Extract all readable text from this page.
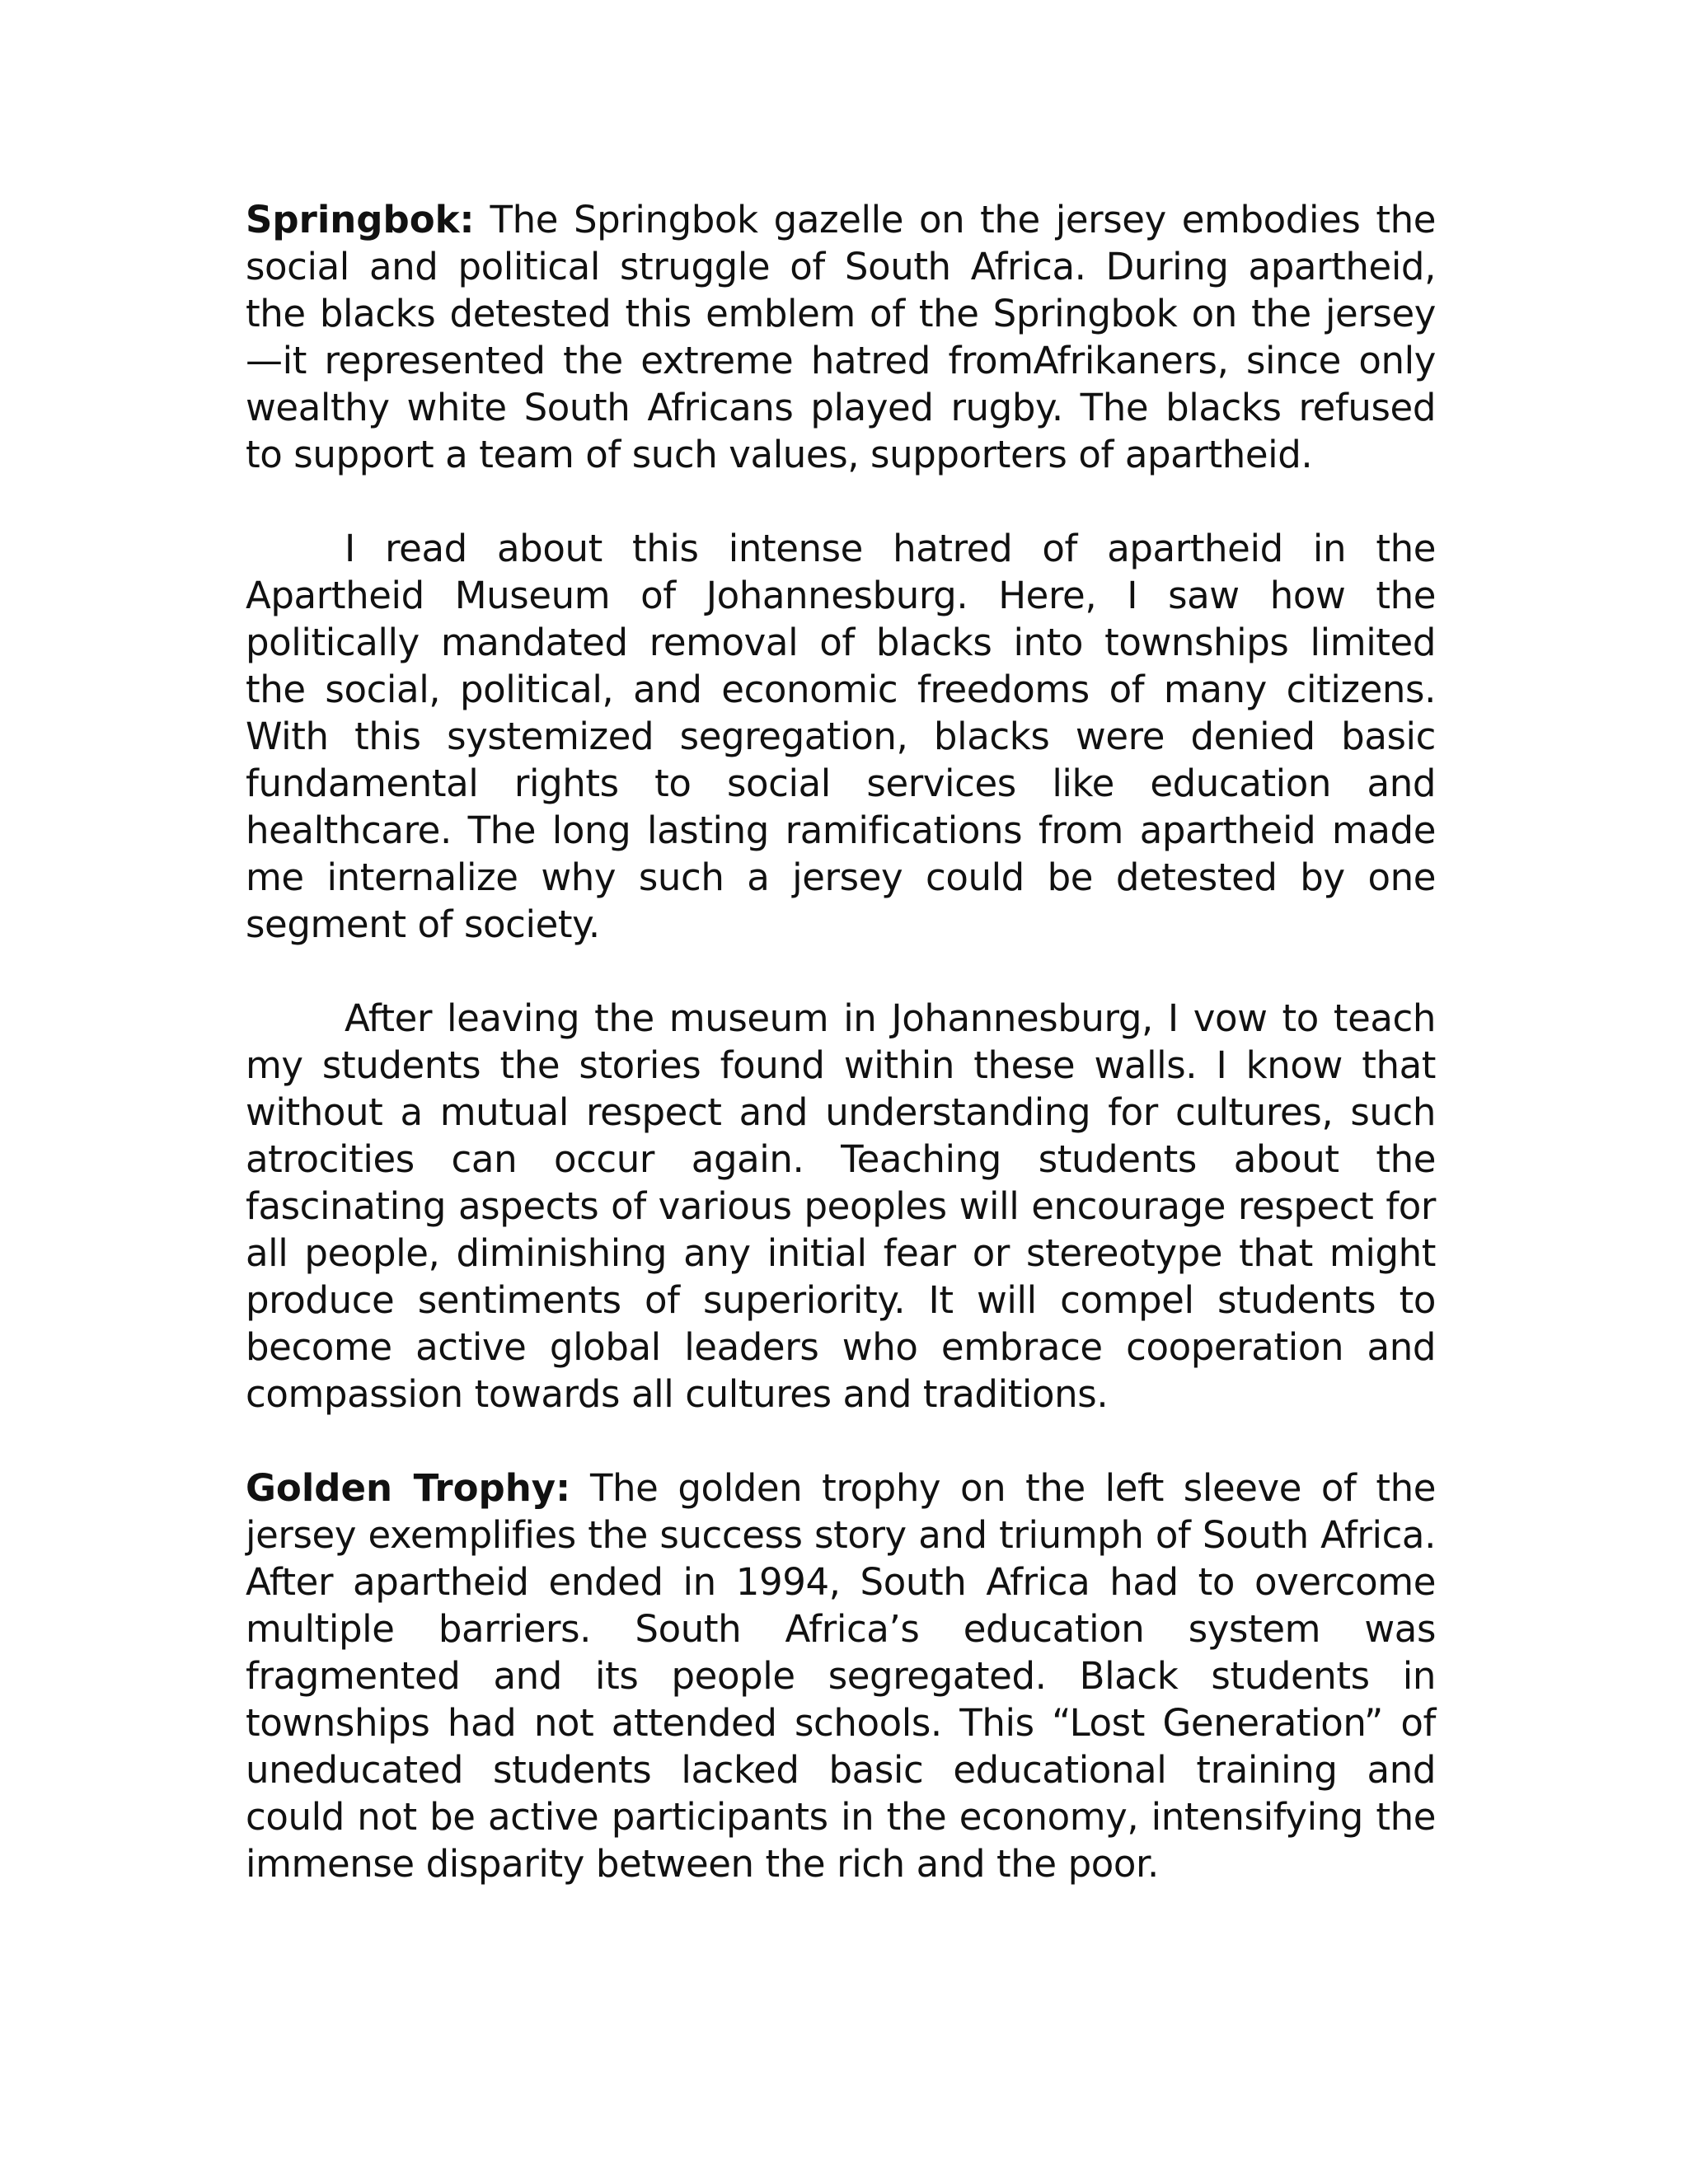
Springbok: The Springbok gazelle on the jersey embodies the social and political struggle of South Africa. During apartheid, the blacks detested this emblem of the Springbok on the jersey—it represented the extreme hatred fromAfrikaners, since only wealthy white South Africans played rugby. The blacks refused to support a team of such values, supporters of apartheid.

I read about this intense hatred of apartheid in the Apartheid Museum of Johannesburg. Here, I saw how the politically mandated removal of blacks into townships limited the social, political, and economic freedoms of many citizens. With this systemized segregation, blacks were denied basic fundamental rights to social services like education and healthcare. The long lasting ramifications from apartheid made me internalize why such a jersey could be detested by one segment of society.

After leaving the museum in Johannesburg, I vow to teach my students the stories found within these walls. I know that without a mutual respect and understanding for cultures, such atrocities can occur again. Teaching students about the fascinating aspects of various peoples will encourage respect for all people, diminishing any initial fear or stereotype that might produce sentiments of superiority. It will compel students to become active global leaders who embrace cooperation and compassion towards all cultures and traditions.

Golden Trophy: The golden trophy on the left sleeve of the jersey exemplifies the success story and triumph of South Africa. After apartheid ended in 1994, South Africa had to overcome multiple barriers. South Africa’s education system was fragmented and its people segregated. Black students in townships had not attended schools. This “Lost Generation” of uneducated students lacked basic educational training and could not be active participants in the economy, intensifying the immense disparity between the rich and the poor.
